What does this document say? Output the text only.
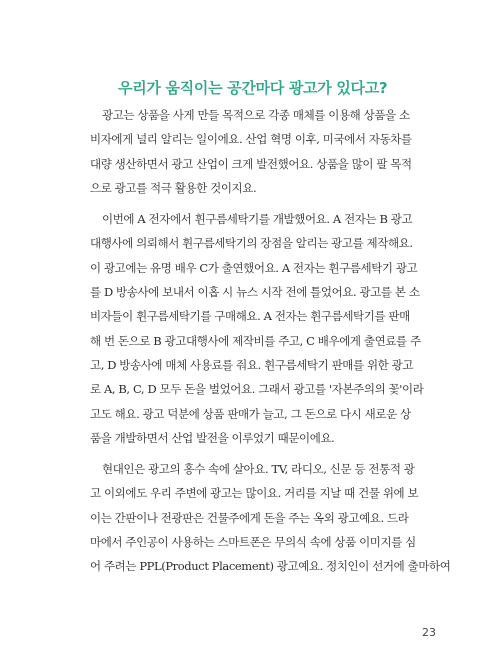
우리가 움직이는 공간마다 광고가 있다고?
광고는 상품을 사게 만들 목적으로 각종 매체를 이용해 상품을 소
비자에게 널리 알리는 일이에요. 산업 혁명 이후, 미국에서 자동차를
대량 생산하면서 광고 산업이 크게 발전했어요. 상품을 많이 팔 목적
으로 광고를 적극 활용한 것이지요.
이번에 A 전자에서 휜구름세탁기를 개발했어요. A 전자는 B 광고
대행사에 의뢰해서 휜구름세탁기의 장점을 알리는 광고를 제작해요.
이 광고에는 유명 배우 C가 출연했어요. A 전자는 휜구름세탁기 광고
를 D 방송사에 보내서 이홉 시 뉴스 시작 전에 틀었어요. 광고를 본 소
비자들이 휜구름세탁기를 구매해요. A 전자는 휜구름세탁기를 판매
해 번 돈으로 B 광고대행사에 제작비를 주고, C 배우에게 출연료를 주
고, D 방송사에 매체 사용료를 줘요. 휜구름세탁기 판매를 위한 광고
로 A, B, C, D 모두 돈을 벌었어요. 그래서 광고를 '자본주의의 꽃'이라
고도 해요. 광고 덕분에 상품 판매가 늘고, 그 돈으로 다시 새로운 상
품을 개발하면서 산업 발전을 이루었기 때문이에요.
현대인은 광고의 홍수 속에 살아요. TV, 라디오, 신문 등 전통적 광
고 이외에도 우리 주변에 광고는 많이요. 거리를 지날 때 건물 위에 보
이는 간판이나 전광판은 건물주에게 돈을 주는 옥외 광고예요. 드라
마에서 주인공이 사용하는 스마트폰은 무의식 속에 상품 이미지를 심
어 주려는 PPL(Product Placement) 광고예요. 정치인이 선거에 출마하여
23
